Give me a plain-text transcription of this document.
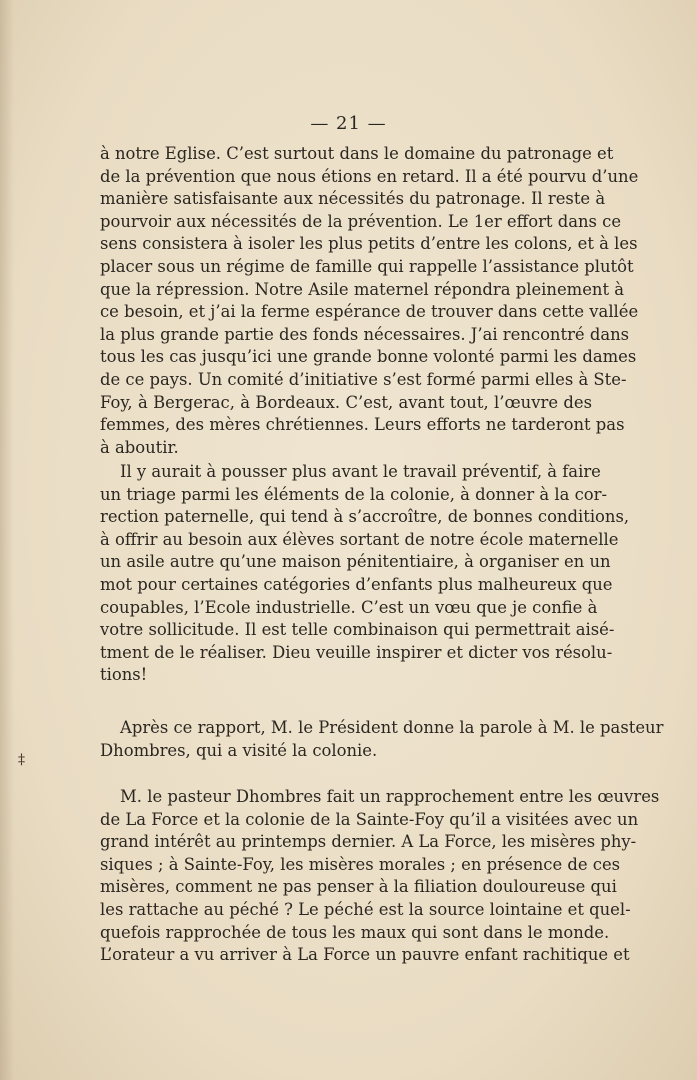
— 21 —
‡
à notre Eglise. C’est surtout dans le domaine du patronage et
de la prévention que nous étions en retard. Il a été pourvu d’une
manière satisfaisante aux nécessités du patronage. Il reste à
pourvoir aux nécessités de la prévention. Le 1er effort dans ce
sens consistera à isoler les plus petits d’entre les colons, et à les
placer sous un régime de famille qui rappelle l’assistance plutôt
que la répression. Notre Asile maternel répondra pleinement à
ce besoin, et j’ai la ferme espérance de trouver dans cette vallée
la plus grande partie des fonds nécessaires. J’ai rencontré dans
tous les cas jusqu’ici une grande bonne volonté parmi les dames
de ce pays. Un comité d’initiative s’est formé parmi elles à Ste-
Foy, à Bergerac, à Bordeaux. C’est, avant tout, l’œuvre des
femmes, des mères chrétiennes. Leurs efforts ne tarderont pas
à aboutir.
Il y aurait à pousser plus avant le travail préventif, à faire
un triage parmi les éléments de la colonie, à donner à la cor-
rection paternelle, qui tend à s’accroître, de bonnes conditions,
à offrir au besoin aux élèves sortant de notre école maternelle
un asile autre qu’une maison pénitentiaire, à organiser en un
mot pour certaines catégories d’enfants plus malheureux que
coupables, l’Ecole industrielle. C’est un vœu que je confie à
votre sollicitude. Il est telle combinaison qui permettrait aisé-
tment de le réaliser. Dieu veuille inspirer et dicter vos résolu-
tions!
Après ce rapport, M. le Président donne la parole à M. le pasteur
Dhombres, qui a visité la colonie.
M. le pasteur Dhombres fait un rapprochement entre les œuvres
de La Force et la colonie de la Sainte-Foy qu’il a visitées avec un
grand intérêt au printemps dernier. A La Force, les misères phy-
siques ; à Sainte-Foy, les misères morales ; en présence de ces
misères, comment ne pas penser à la filiation douloureuse qui
les rattache au péché ? Le péché est la source lointaine et quel-
quefois rapprochée de tous les maux qui sont dans le monde.
L’orateur a vu arriver à La Force un pauvre enfant rachitique et
